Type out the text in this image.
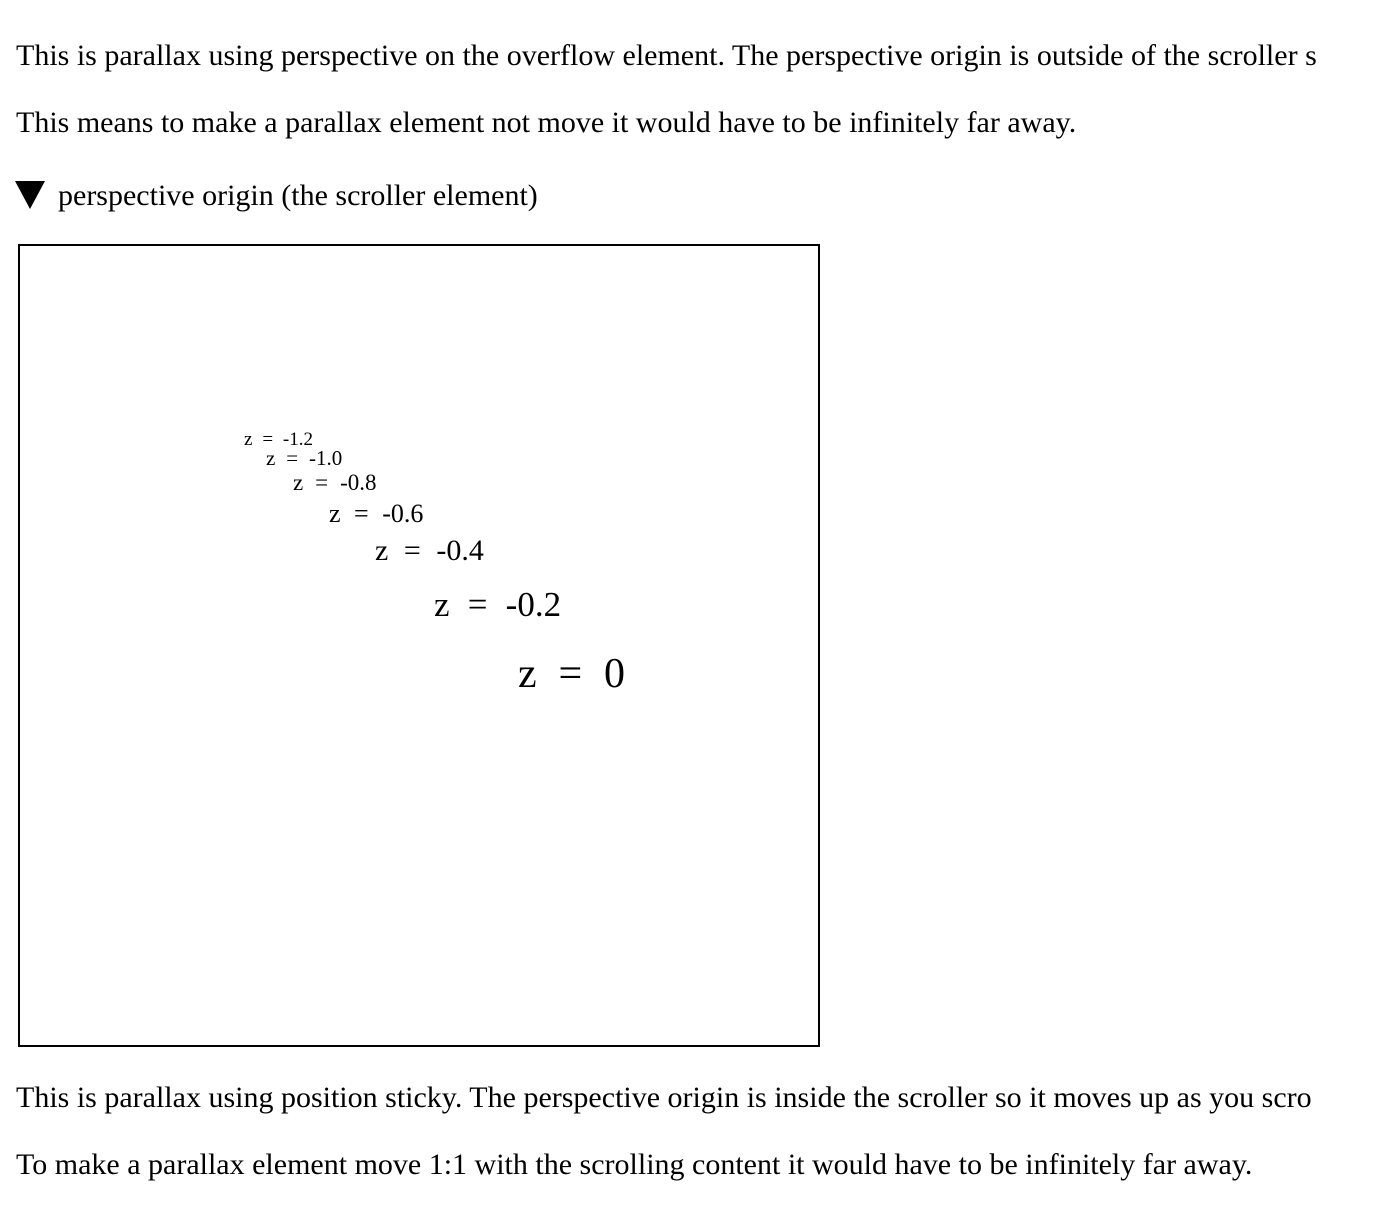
This is parallax using perspective on the overflow element. The perspective origin is outside of the scroller s
This means to make a parallax element not move it would have to be infinitely far away.
perspective origin (the scroller element)
z = -1.2
z = -1.0
z = -0.8
z = -0.6
z = -0.4
z = -0.2
z = 0
This is parallax using position sticky. The perspective origin is inside the scroller so it moves up as you scro
To make a parallax element move 1:1 with the scrolling content it would have to be infinitely far away.
